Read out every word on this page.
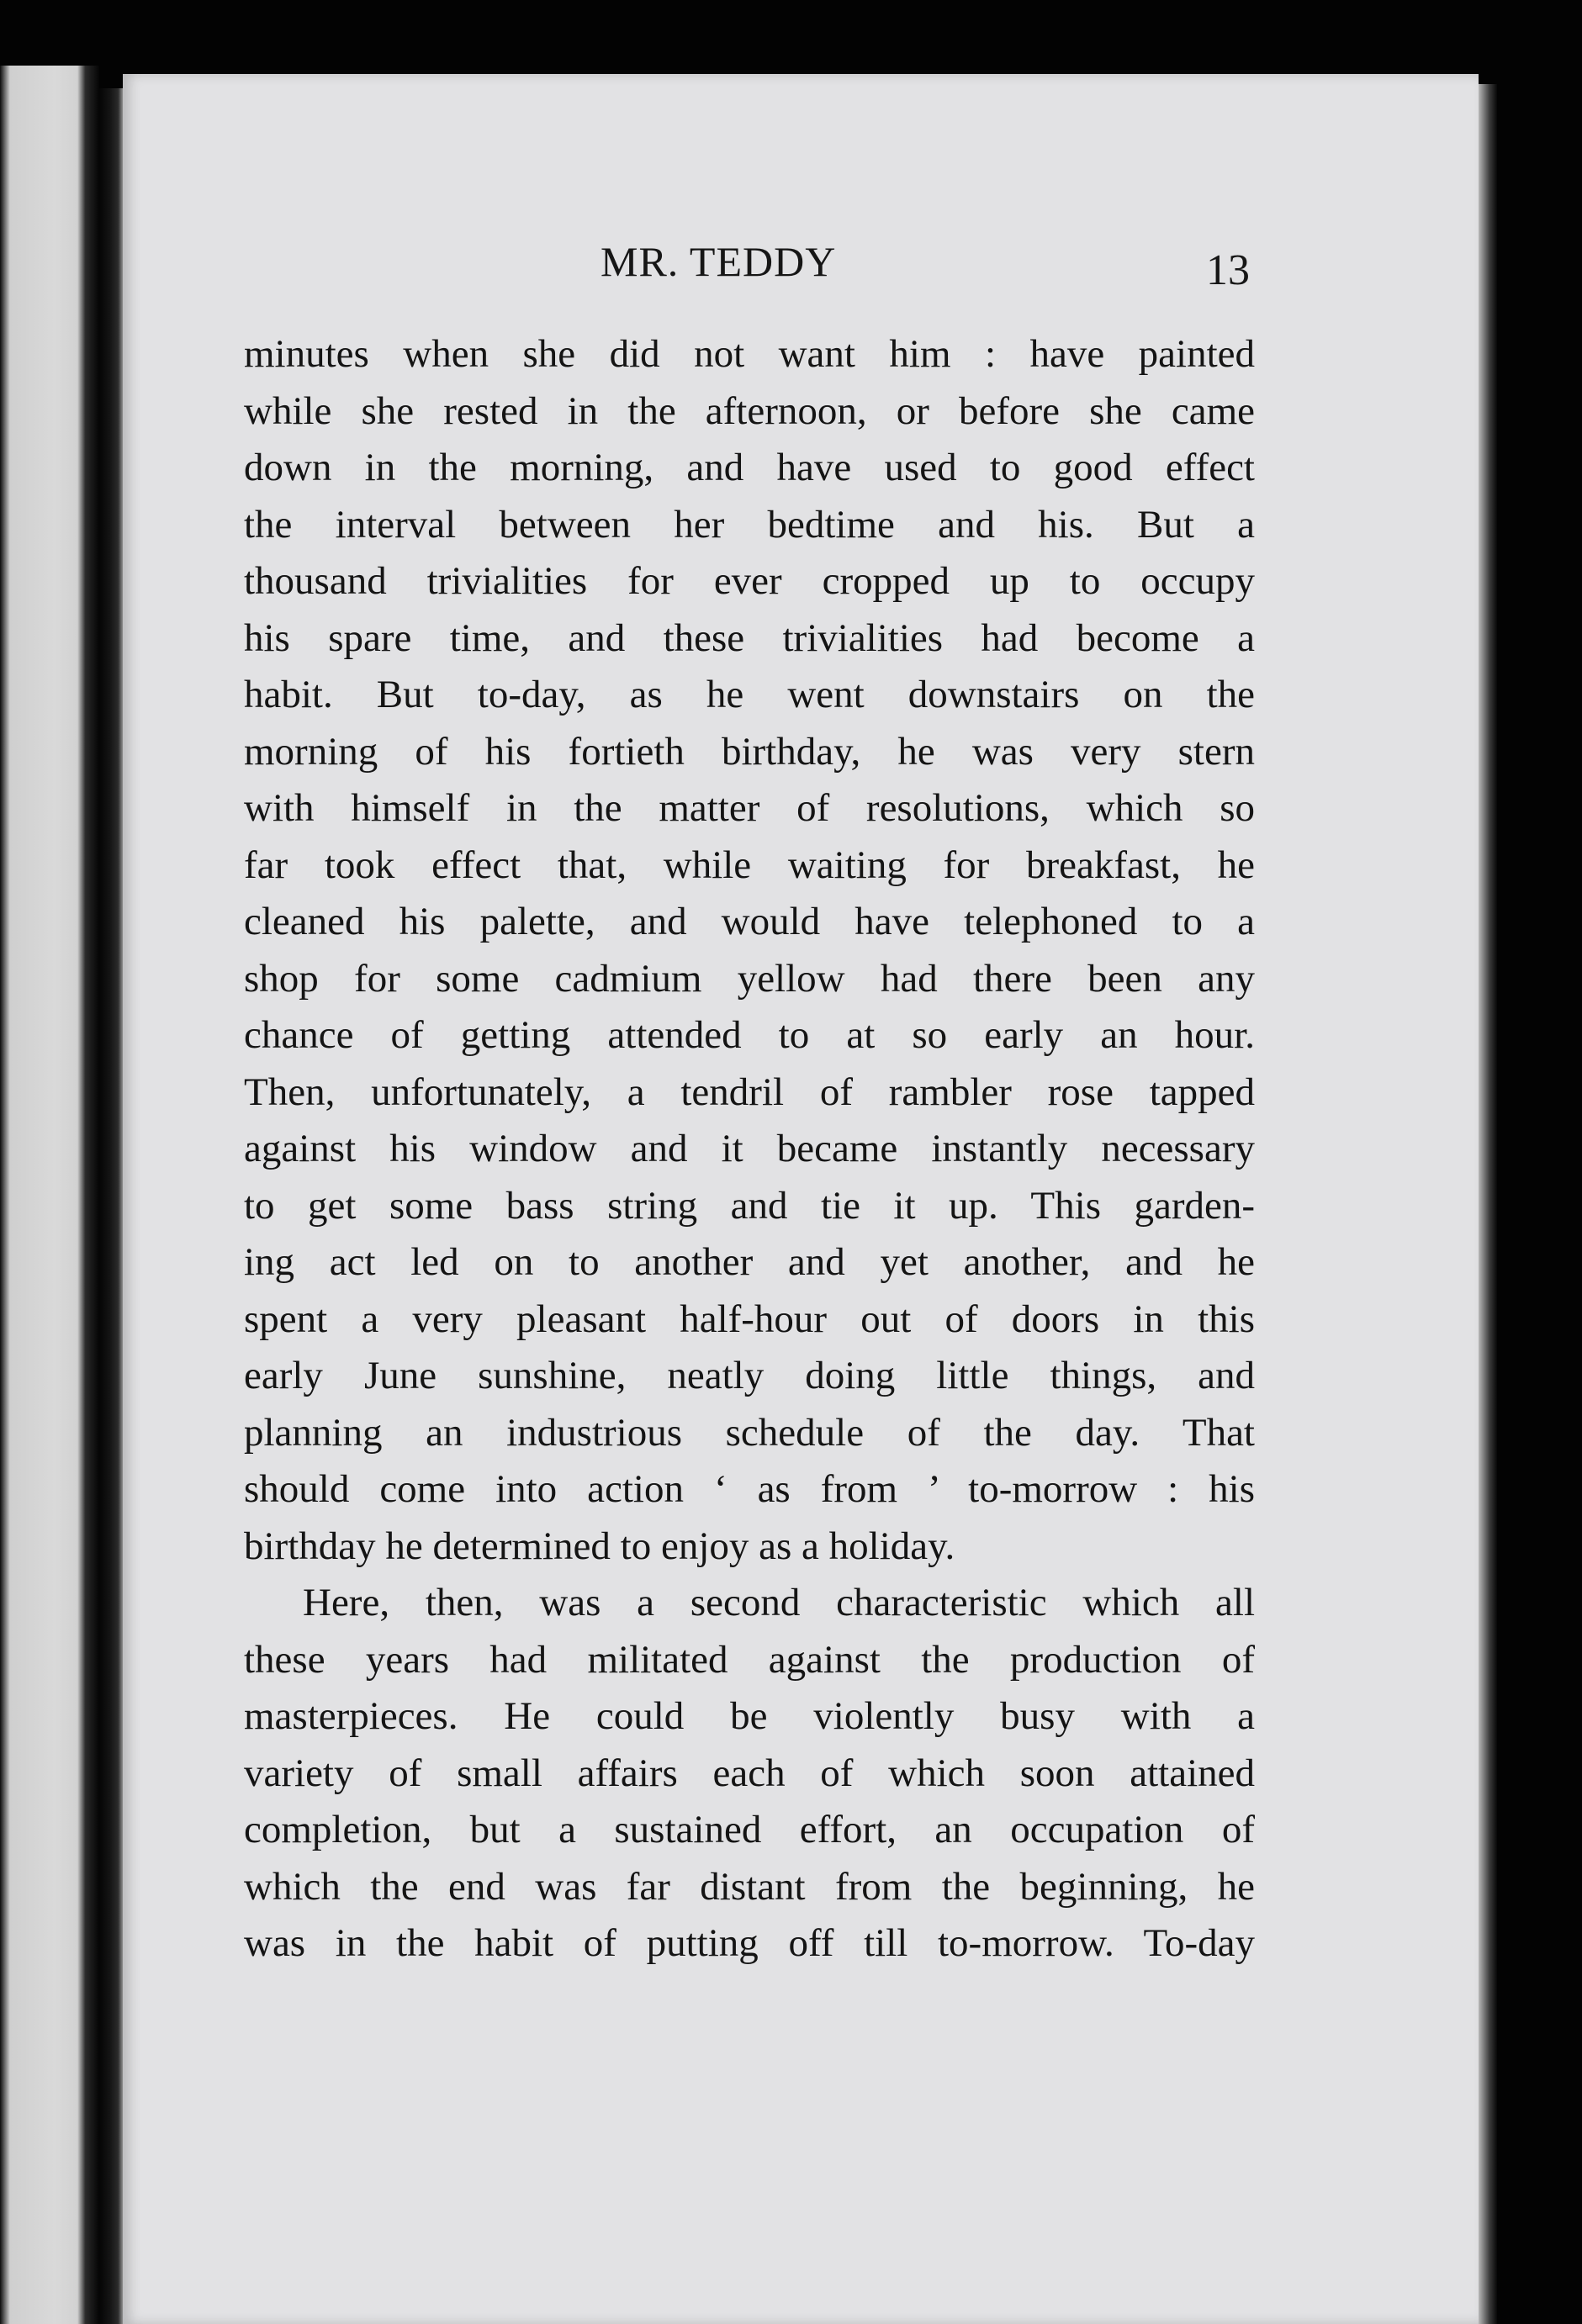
MR. TEDDY	13
minutes when she did not want him : have painted
while she rested in the afternoon, or before she came
down in the morning, and have used to good effect
the interval between her bedtime and his. But a
thousand trivialities for ever cropped up to occupy
his spare time, and these trivialities had become a
habit. But to-day, as he went downstairs on the
morning of his fortieth birthday, he was very stern
with himself in the matter of resolutions, which so
far took effect that, while waiting for breakfast, he
cleaned his palette, and would have telephoned to a
shop for some cadmium yellow had there been any
chance of getting attended to at so early an hour.
Then, unfortunately, a tendril of rambler rose tapped
against his window and it became instantly necessary
to get some bass string and tie it up. This garden-
ing act led on to another and yet another, and he
spent a very pleasant half-hour out of doors in this
early June sunshine, neatly doing little things, and
planning an industrious schedule of the day. That
should come into action ‘ as from ’ to-morrow : his
birthday he determined to enjoy as a holiday.
Here, then, was a second characteristic which all
these years had militated against the production of
masterpieces. He could be violently busy with a
variety of small affairs each of which soon attained
completion, but a sustained effort, an occupation of
which the end was far distant from the beginning, he
was in the habit of putting off till to-morrow. To-day
